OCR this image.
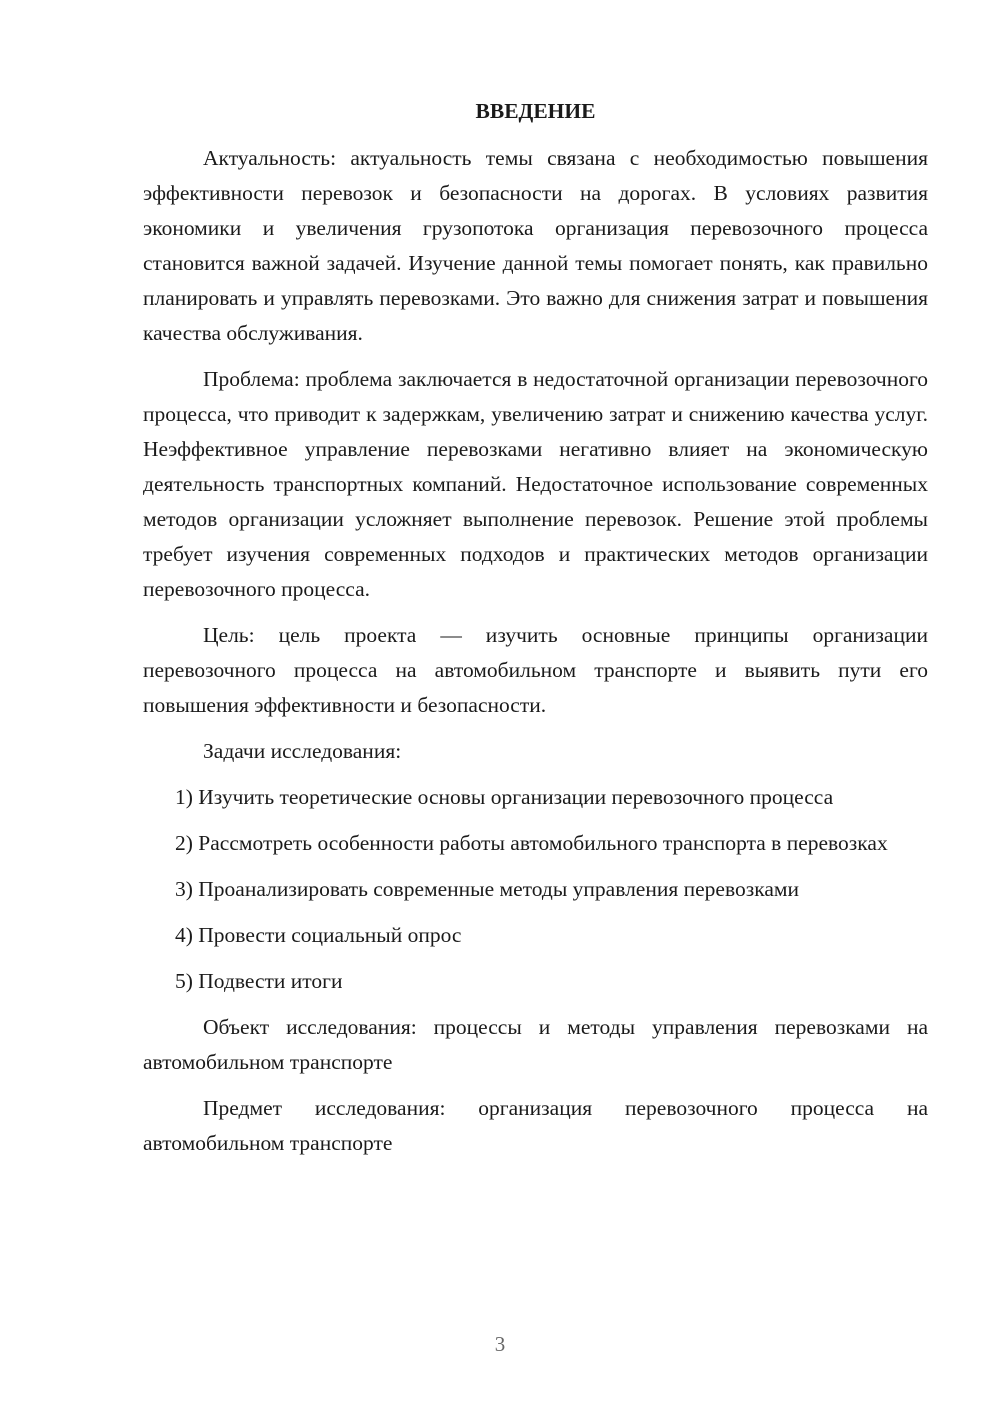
ВВЕДЕНИЕ

Актуальность: актуальность темы связана с необходимостью повышения эффективности перевозок и безопасности на дорогах. В условиях развития экономики и увеличения грузопотока организация перевозочного процесса становится важной задачей. Изучение данной темы помогает понять, как правильно планировать и управлять перевозками. Это важно для снижения затрат и повышения качества обслуживания.

Проблема: проблема заключается в недостаточной организации перевозочного процесса, что приводит к задержкам, увеличению затрат и снижению качества услуг. Неэффективное управление перевозками негативно влияет на экономическую деятельность транспортных компаний. Недостаточное использование современных методов организации усложняет выполнение перевозок. Решение этой проблемы требует изучения современных подходов и практических методов организации перевозочного процесса.

Цель: цель проекта — изучить основные принципы организации перевозочного процесса на автомобильном транспорте и выявить пути его повышения эффективности и безопасности.

Задачи исследования:

1) Изучить теоретические основы организации перевозочного процесса

2) Рассмотреть особенности работы автомобильного транспорта в перевозках

3) Проанализировать современные методы управления перевозками

4) Провести социальный опрос

5) Подвести итоги

Объект исследования: процессы и методы управления перевозками на автомобильном транспорте

Предмет исследования: организация перевозочного процесса на автомобильном транспорте

3
